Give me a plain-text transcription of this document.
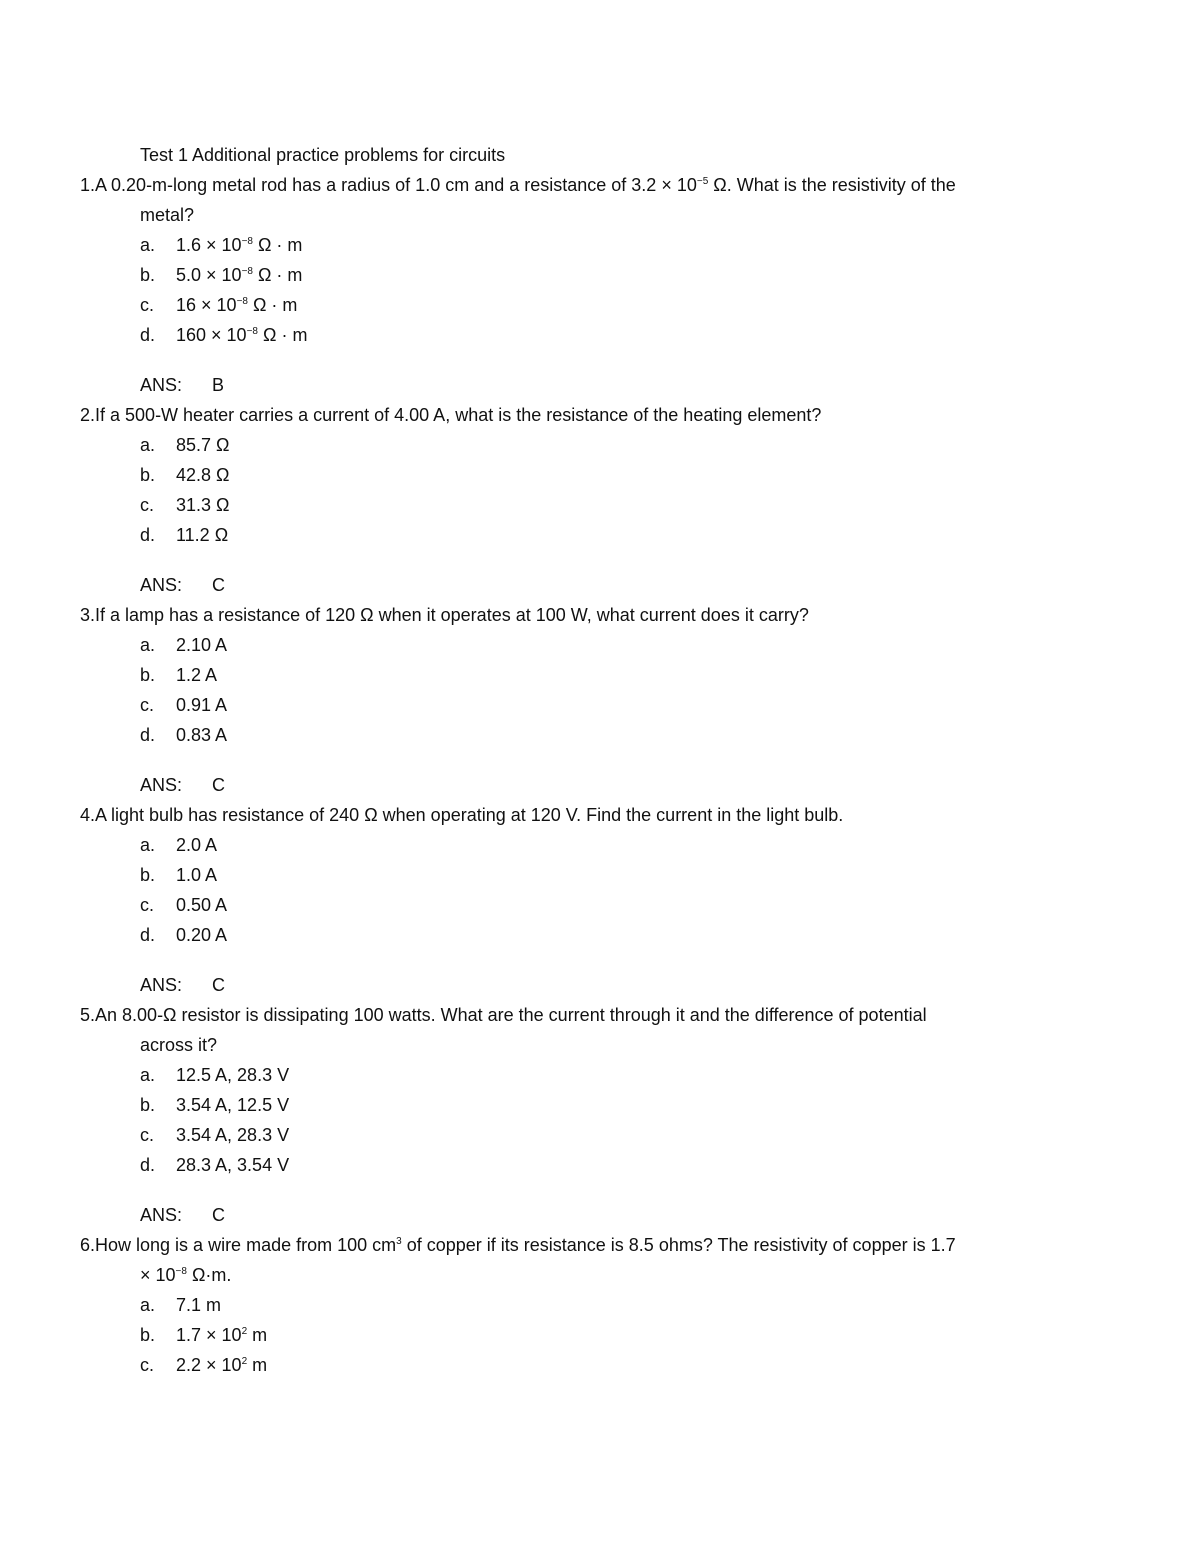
Test 1 Additional practice problems for circuits
1.A 0.20-m-long metal rod has a radius of 1.0 cm and a resistance of $3.2 \times 10^{-5}$ Ω. What is the resistivity of the
metal?
a.	$1.6 \times 10^{-8}$ Ω · m
b.	$5.0 \times 10^{-8}$ Ω · m
c.	$16 \times 10^{-8}$ Ω · m
d.	$160 \times 10^{-8}$ Ω · m
ANS:	B
2.If a 500-W heater carries a current of 4.00 A, what is the resistance of the heating element?
a.	85.7 Ω
b.	42.8 Ω
c.	31.3 Ω
d.	11.2 Ω
ANS:	C
3.If a lamp has a resistance of 120 Ω when it operates at 100 W, what current does it carry?
a.	2.10 A
b.	1.2 A
c.	0.91 A
d.	0.83 A
ANS:	C
4.A light bulb has resistance of 240 Ω when operating at 120 V. Find the current in the light bulb.
a.	2.0 A
b.	1.0 A
c.	0.50 A
d.	0.20 A
ANS:	C
5.An 8.00-Ω resistor is dissipating 100 watts. What are the current through it and the difference of potential
across it?
a.	12.5 A, 28.3 V
b.	3.54 A, 12.5 V
c.	3.54 A, 28.3 V
d.	28.3 A, 3.54 V
ANS:	C
6.How long is a wire made from 100 $cm^3$ of copper if its resistance is 8.5 ohms? The resistivity of copper is 1.7
× $10^{-8}$ Ω·m.
a.	7.1 m
b.	$1.7 \times 10^2$ m
c.	$2.2 \times 10^2$ m
